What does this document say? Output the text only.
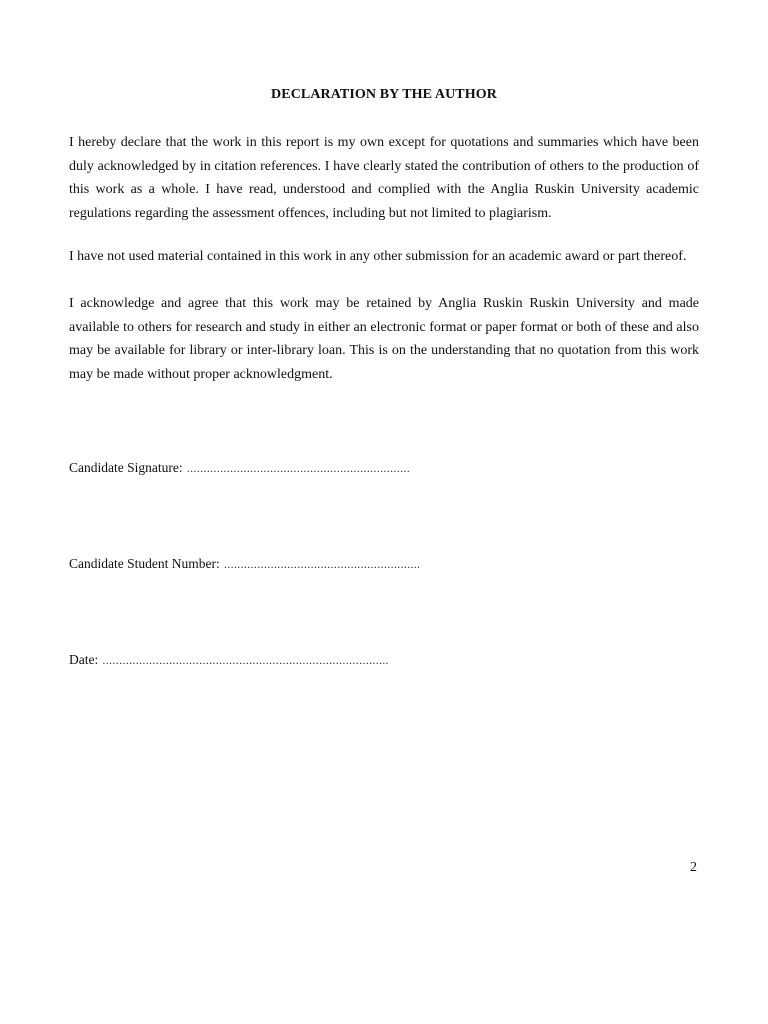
DECLARATION BY THE AUTHOR
I hereby declare that the work in this report is my own except for quotations and summaries which have been duly acknowledged by in citation references. I have clearly stated the contribution of others to the production of this work as a whole. I have read, understood and complied with the Anglia Ruskin University academic regulations regarding the assessment offences, including but not limited to plagiarism.
I have not used material contained in this work in any other submission for an academic award or part thereof.
I acknowledge and agree that this work may be retained by Anglia Ruskin Ruskin University and made available to others for research and study in either an electronic format or paper format or both of these and also may be available for library or inter-library loan. This is on the understanding that no quotation from this work may be made without proper acknowledgment.
Candidate Signature: ………………………………………………………….
Candidate Student Number: …………………………………………………..
Date: …………………………………………………………………………..
2
